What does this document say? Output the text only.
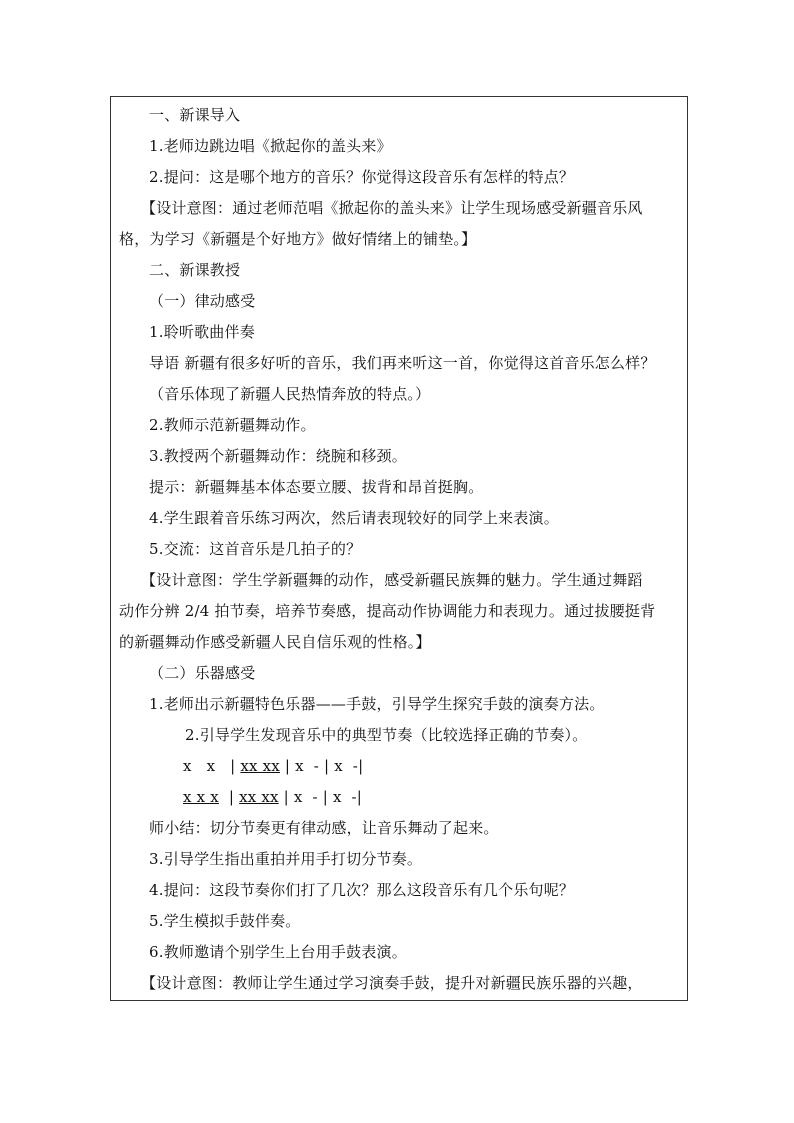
一、新课导入
1.老师边跳边唱《掀起你的盖头来》
2.提问：这是哪个地方的音乐？你觉得这段音乐有怎样的特点？
【设计意图：通过老师范唱《掀起你的盖头来》让学生现场感受新疆音乐风
格，为学习《新疆是个好地方》做好情绪上的铺垫。】
二、新课教授
（一）律动感受
1.聆听歌曲伴奏
导语 新疆有很多好听的音乐，我们再来听这一首，你觉得这首音乐怎么样？
（音乐体现了新疆人民热情奔放的特点。）
2.教师示范新疆舞动作。
3.教授两个新疆舞动作：绕腕和移颈。
提示：新疆舞基本体态要立腰、拔背和昂首挺胸。
4.学生跟着音乐练习两次，然后请表现较好的同学上来表演。
5.交流：这首音乐是几拍子的？
【设计意图：学生学新疆舞的动作，感受新疆民族舞的魅力。学生通过舞蹈
动作分辨 2/4 拍节奏，培养节奏感，提高动作协调能力和表现力。通过拔腰挺背
的新疆舞动作感受新疆人民自信乐观的性格。】
（二）乐器感受
1.老师出示新疆特色乐器——手鼓，引导学生探究手鼓的演奏方法。
2.引导学生发现音乐中的典型节奏（比较选择正确的节奏）。
x   x   | xx xx | x  - | x  -|
x x x  | xx xx | x  - | x  -|
师小结：切分节奏更有律动感，让音乐舞动了起来。
3.引导学生指出重拍并用手打切分节奏。
4.提问：这段节奏你们打了几次？那么这段音乐有几个乐句呢？
5.学生模拟手鼓伴奏。
6.教师邀请个别学生上台用手鼓表演。
【设计意图：教师让学生通过学习演奏手鼓，提升对新疆民族乐器的兴趣，
